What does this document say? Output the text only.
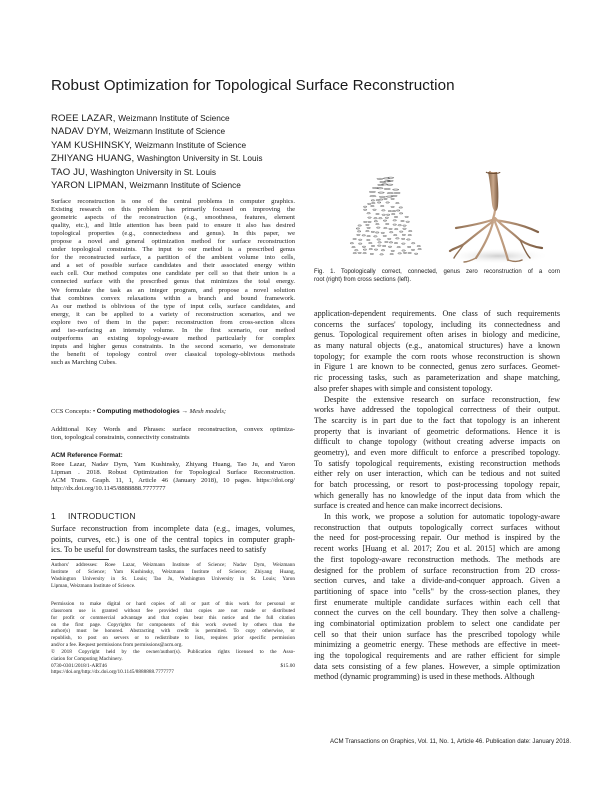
Robust Optimization for Topological Surface Reconstruction
ROEE LAZAR, Weizmann Institute of Science
NADAV DYM, Weizmann Institute of Science
YAM KUSHINSKY, Weizmann Institute of Science
ZHIYANG HUANG, Washington University in St. Louis
TAO JU, Washington University in St. Louis
YARON LIPMAN, Weizmann Institute of Science
Surface reconstruction is one of the central problems in computer graphics.
Existing research on this problem has primarily focused on improving the
geometric aspects of the reconstruction (e.g., smoothness, features, element
quality, etc.), and little attention has been paid to ensure it also has desired
topological properties (e.g., connectedness and genus). In this paper, we
propose a novel and general optimization method for surface reconstruction
under topological constraints. The input to our method is a prescribed genus
for the reconstructed surface, a partition of the ambient volume into cells,
and a set of possible surface candidates and their associated energy within
each cell. Our method computes one candidate per cell so that their union is a
connected surface with the prescribed genus that minimizes the total energy.
We formulate the task as an integer program, and propose a novel solution
that combines convex relaxations within a branch and bound framework.
As our method is oblivious of the type of input cells, surface candidates, and
energy, it can be applied to a variety of reconstruction scenarios, and we
explore two of them in the paper: reconstruction from cross-section slices
and iso-surfacing an intensity volume. In the first scenario, our method
outperforms an existing topology-aware method particularly for complex
inputs and higher genus constraints. In the second scenario, we demonstrate
the benefit of topology control over classical topology-oblivious methods
such as Marching Cubes.
CCS Concepts: • Computing methodologies → Mesh models;
Additional Key Words and Phrases: surface reconstruction, convex optimiza-
tion, topological constraints, connectivity constraints
ACM Reference Format:
Roee Lazar, Nadav Dym, Yam Kushinsky, Zhiyang Huang, Tao Ju, and Yaron
Lipman . 2018. Robust Optimization for Topological Surface Reconstruction.
ACM Trans. Graph. 11, 1, Article 46 (January 2018), 10 pages. https://doi.org/
http://dx.doi.org/10.1145/8888888.7777777
1 INTRODUCTION
Surface reconstruction from incomplete data (e.g., images, volumes,
points, curves, etc.) is one of the central topics in computer graph-
ics. To be useful for downstream tasks, the surfaces need to satisfy
Authors' addresses: Roee Lazar, Weizmann Institute of Science; Nadav Dym, Weizmann
Institute of Science; Yam Kushinsky, Weizmann Institute of Science; Zhiyang Huang,
Washington University in St. Louis; Tao Ju, Washington University in St. Louis; Yaron
Lipman, Weizmann Institute of Science.
Permission to make digital or hard copies of all or part of this work for personal or
classroom use is granted without fee provided that copies are not made or distributed
for profit or commercial advantage and that copies bear this notice and the full citation
on the first page. Copyrights for components of this work owned by others than the
author(s) must be honored. Abstracting with credit is permitted. To copy otherwise, or
republish, to post on servers or to redistribute to lists, requires prior specific permission
and/or a fee. Request permissions from permissions@acm.org.
© 2018 Copyright held by the owner/author(s). Publication rights licensed to the Asso-
ciation for Computing Machinery.
0730-0301/2018/1-ART46 $15.00
https://doi.org/http://dx.doi.org/10.1145/8888888.7777777
Fig. 1. Topologically correct, connected, genus zero reconstruction of a corn
root (right) from cross sections (left).
application-dependent requirements. One class of such requirements
concerns the surfaces' topology, including its connectedness and
genus. Topological requirement often arises in biology and medicine,
as many natural objects (e.g., anatomical structures) have a known
topology; for example the corn roots whose reconstruction is shown
in Figure 1 are known to be connected, genus zero surfaces. Geomet-
ric processing tasks, such as parameterization and shape matching,
also prefer shapes with simple and consistent topology.
Despite the extensive research on surface reconstruction, few
works have addressed the topological correctness of their output.
The scarcity is in part due to the fact that topology is an inherent
property that is invariant of geometric deformations. Hence it is
difficult to change topology (without creating adverse impacts on
geometry), and even more difficult to enforce a prescribed topology.
To satisfy topological requirements, existing reconstruction methods
either rely on user interaction, which can be tedious and not suited
for batch processing, or resort to post-processing topology repair,
which generally has no knowledge of the input data from which the
surface is created and hence can make incorrect decisions.
In this work, we propose a solution for automatic topology-aware
reconstruction that outputs topologically correct surfaces without
the need for post-processing repair. Our method is inspired by the
recent works [Huang et al. 2017; Zou et al. 2015] which are among
the first topology-aware reconstruction methods. The methods are
designed for the problem of surface reconstruction from 2D cross-
section curves, and take a divide-and-conquer approach. Given a
partitioning of space into "cells" by the cross-section planes, they
first enumerate multiple candidate surfaces within each cell that
connect the curves on the cell boundary. They then solve a challeng-
ing combinatorial optimization problem to select one candidate per
cell so that their union surface has the prescribed topology while
minimizing a geometric energy. These methods are effective in meet-
ing the topological requirements and are rather efficient for simple
data sets consisting of a few planes. However, a simple optimization
method (dynamic programming) is used in these methods. Although
ACM Transactions on Graphics, Vol. 11, No. 1, Article 46. Publication date: January 2018.
